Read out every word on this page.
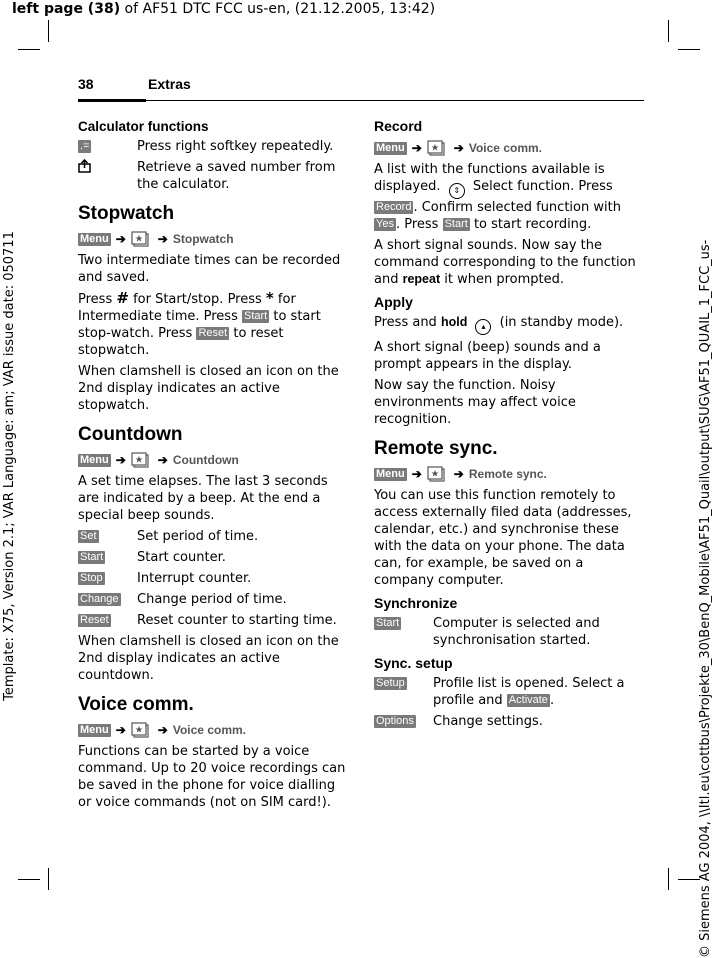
left page (38) of AF51 DTC FCC us-en, (21.12.2005, 13:42)
Template: X75, Version 2.1; VAR Language: am; VAR issue date: 050711	© Siemens AG 2004, \\Itl.eu\cottbus\Projekte_30\BenQ_Mobile\AF51_Quail\output\SUG\AF51_QUAIL_1_FCC_us-
38	Extras
Calculator functions
.=	Press right softkey repeatedly.
Retrieve a saved number from the calculator.
Stopwatch
Menu ➔	➔ Stopwatch

Two intermediate times can be recorded and saved.

Press # for Start/stop. Press * for Intermediate time. Press Start to start stop-watch. Press Reset to reset stopwatch.

When clamshell is closed an icon on the 2nd display indicates an active stopwatch.

Countdown
Menu ➔	➔ Countdown

A set time elapses. The last 3 seconds are indicated by a beep. At the end a special beep sounds.

Set	Set period of time.
Start	Start counter.
Stop	Interrupt counter.
Change	Change period of time.
Reset	Reset counter to starting time.

When clamshell is closed an icon on the 2nd display indicates an active countdown.

Voice comm.
Menu ➔	➔ Voice comm.

Functions can be started by a voice command. Up to 20 voice recordings can be saved in the phone for voice dialling or voice commands (not on SIM card!).

Record
Menu ➔	➔ Voice comm.

A list with the functions available is displayed. ⇕ Select function. Press Record . Confirm selected function with Yes . Press Start to start recording.

A short signal sounds. Now say the command corresponding to the function and repeat it when prompted.

Apply

Press and hold ▴ (in standby mode).

A short signal (beep) sounds and a prompt appears in the display.

Now say the function. Noisy environments may affect voice recognition.

Remote sync.
Menu ➔	➔ Remote sync.

You can use this function remotely to access externally filed data (addresses, calendar, etc.) and synchronise these with the data on your phone. The data can, for example, be saved on a company computer.

Synchronize
Start	Computer is selected and synchronisation started.
Sync. setup
Setup	Profile list is opened. Select a profile and Activate .
Options	Change settings.
